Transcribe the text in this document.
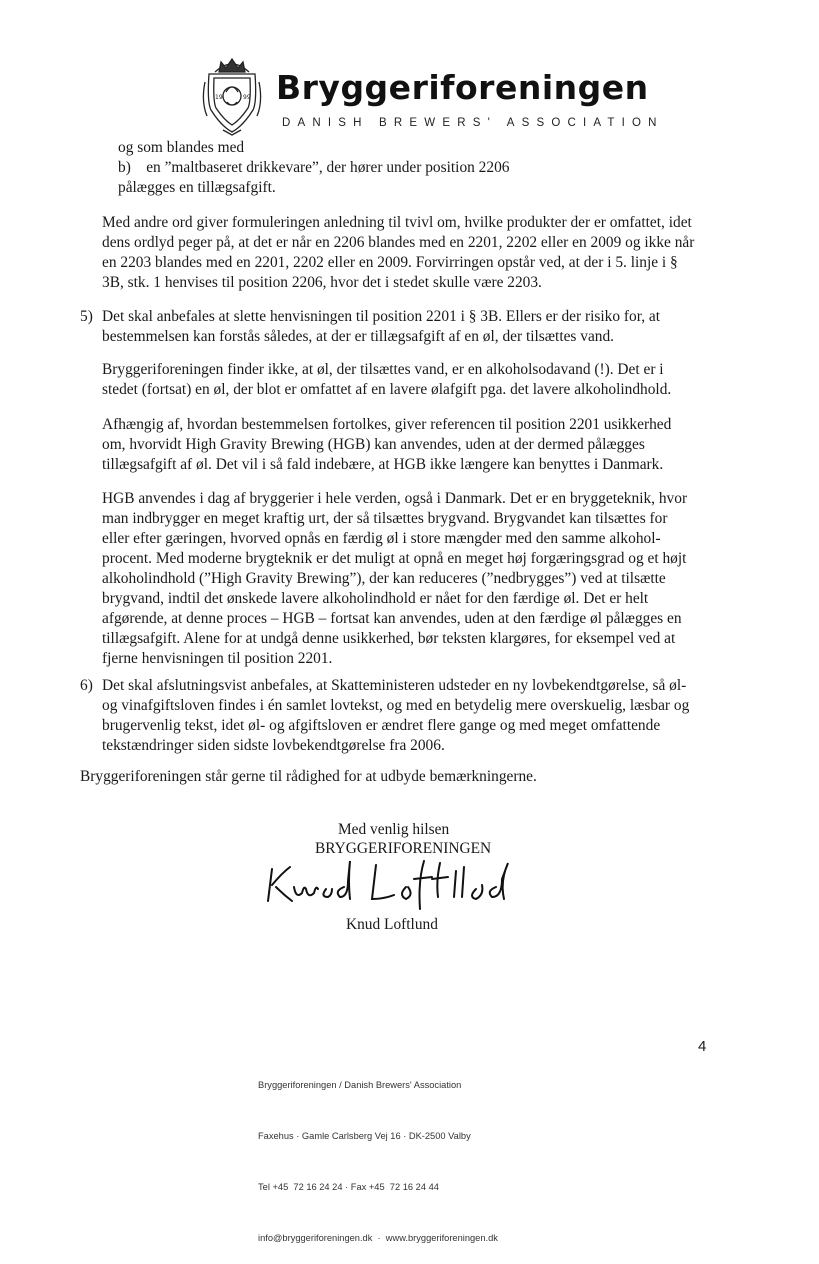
19	99 Bryggeriforeningen
DANISH BREWERS' ASSOCIATION
og som blandes med
b)    en ”maltbaseret drikkevare”, der hører under position 2206
pålægges en tillægsafgift.
Med andre ord giver formuleringen anledning til tvivl om, hvilke produkter der er omfattet, idet
dens ordlyd peger på, at det er når en 2206 blandes med en 2201, 2202 eller en 2009 og ikke når
en 2203 blandes med en 2201, 2202 eller en 2009. Forvirringen opstår ved, at der i 5. linje i §
3B, stk. 1 henvises til position 2206, hvor det i stedet skulle være 2203.
5) Det skal anbefales at slette henvisningen til position 2201 i § 3B. Ellers er der risiko for, at
bestemmelsen kan forstås således, at der er tillægsafgift af en øl, der tilsættes vand.
Bryggeriforeningen finder ikke, at øl, der tilsættes vand, er en alkoholsodavand (!). Det er i
stedet (fortsat) en øl, der blot er omfattet af en lavere ølafgift pga. det lavere alkoholindhold.
Afhængig af, hvordan bestemmelsen fortolkes, giver referencen til position 2201 usikkerhed
om, hvorvidt High Gravity Brewing (HGB) kan anvendes, uden at der dermed pålægges
tillægsafgift af øl. Det vil i så fald indebære, at HGB ikke længere kan benyttes i Danmark.
HGB anvendes i dag af bryggerier i hele verden, også i Danmark. Det er en bryggeteknik, hvor
man indbrygger en meget kraftig urt, der så tilsættes brygvand. Brygvandet kan tilsættes for
eller efter gæringen, hvorved opnås en færdig øl i store mængder med den samme alkohol-
procent. Med moderne brygteknik er det muligt at opnå en meget høj forgæringsgrad og et højt
alkoholindhold (”High Gravity Brewing”), der kan reduceres (”nedbrygges”) ved at tilsætte
brygvand, indtil det ønskede lavere alkoholindhold er nået for den færdige øl. Det er helt
afgørende, at denne proces – HGB – fortsat kan anvendes, uden at den færdige øl pålægges en
tillægsafgift. Alene for at undgå denne usikkerhed, bør teksten klargøres, for eksempel ved at
fjerne henvisningen til position 2201.
6) Det skal afslutningsvist anbefales, at Skatteministeren udsteder en ny lovbekendtgørelse, så øl-
og vinafgiftsloven findes i én samlet lovtekst, og med en betydelig mere overskuelig, læsbar og
brugervenlig tekst, idet øl- og afgiftsloven er ændret flere gange og med meget omfattende
tekstændringer siden sidste lovbekendtgørelse fra 2006.
Bryggeriforeningen står gerne til rådighed for at udbyde bemærkningerne.
Med venlig hilsen
BRYGGERIFORENINGEN
Knud Loftlund
4

Bryggeriforeningen / Danish Brewers' Association

Faxehus · Gamle Carlsberg Vej 16 · DK-2500 Valby

Tel +45  72 16 24 24 · Fax +45  72 16 24 44

info@bryggeriforeningen.dk  ·  www.bryggeriforeningen.dk
